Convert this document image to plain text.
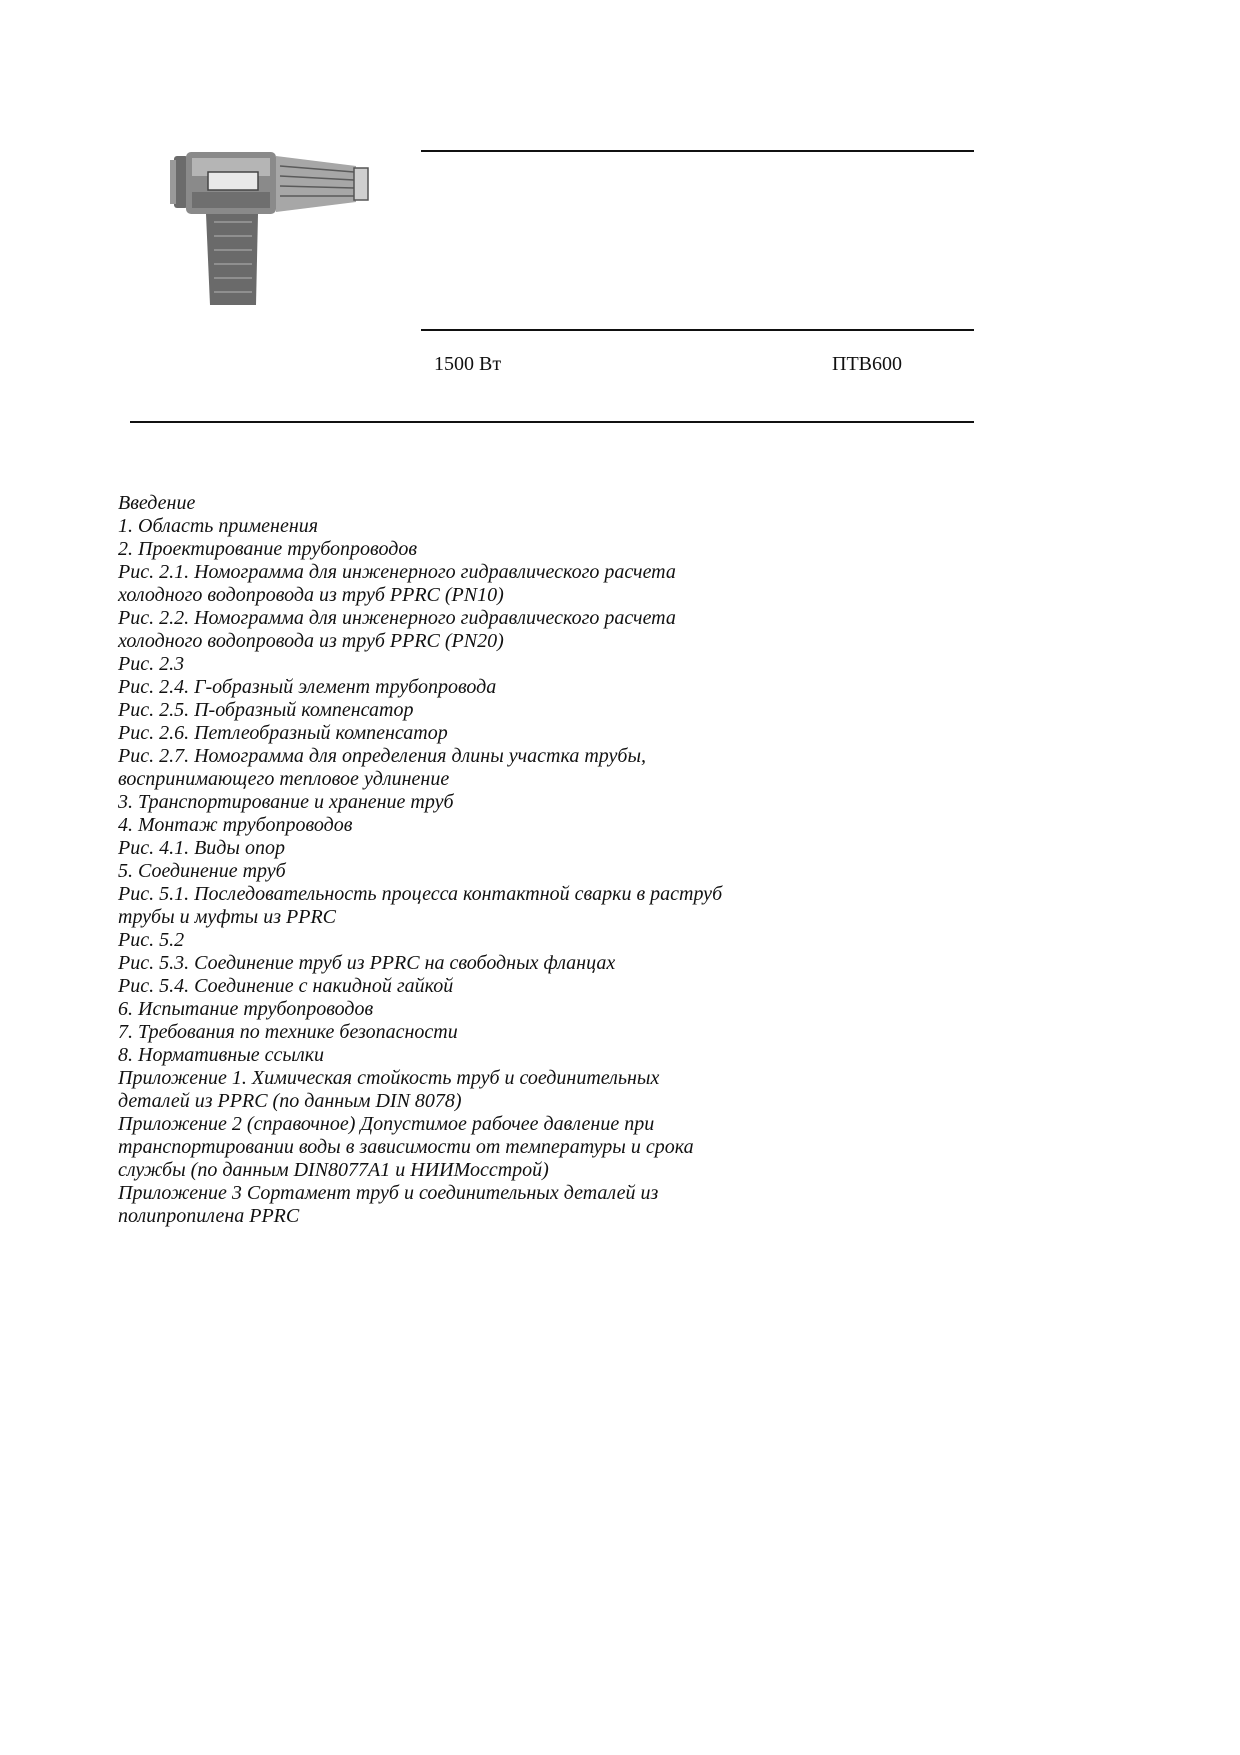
1500 Вт	ПТВ600
Введение
1. Область применения
2. Проектирование трубопроводов
Рис. 2.1. Номограмма для инженерного гидравлического расчета
холодного водопровода из труб PPRC (PN10)
Рис. 2.2. Номограмма для инженерного гидравлического расчета
холодного водопровода из труб PPRC (PN20)
Рис. 2.3
Рис. 2.4. Г-образный элемент трубопровода
Рис. 2.5. П-образный компенсатор
Рис. 2.6. Петлеобразный компенсатор
Рис. 2.7. Номограмма для определения длины участка трубы,
воспринимающего тепловое удлинение
3. Транспортирование и хранение труб
4. Монтаж трубопроводов
Рис. 4.1. Виды опор
5. Соединение труб
Рис. 5.1. Последовательность процесса контактной сварки в раструб
трубы и муфты из PPRC
Рис. 5.2
Рис. 5.3. Соединение труб из PPRC на свободных фланцах
Рис. 5.4. Соединение с накидной гайкой
6. Испытание трубопроводов
7. Требования по технике безопасности
8. Нормативные ссылки
Приложение 1. Химическая стойкость труб и соединительных
деталей из PPRC (по данным DIN 8078)
Приложение 2 (справочное) Допустимое рабочее давление при
транспортировании воды в зависимости от температуры и срока
службы (по данным DIN8077A1 и НИИМосстрой)
Приложение 3 Сортамент труб и соединительных деталей из
полипропилена PPRC
